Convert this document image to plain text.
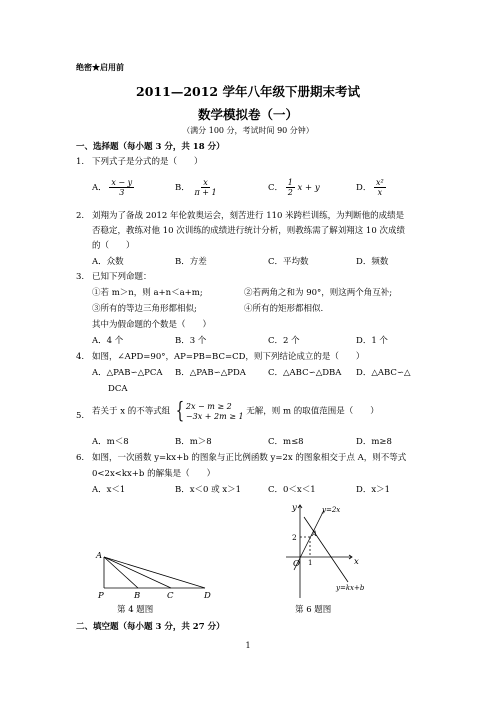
绝密★启用前
2011—2012 学年八年级下册期末考试
数学模拟卷（一）
（满分 100 分，考试时间 90 分钟）
一、选择题（每小题 3 分，共 18 分）
1. 下列式子是分式的是（　　）
A． $\frac{x - y}{3}$	B． $\frac{x}{\pi + 1}$	C． $\frac{1}{2}$ x + y	D． $\frac{\text{x²}}{x}$
2. 刘翔为了备战 2012 年伦敦奥运会，刻苦进行 110 米跨栏训练，为判断他的成绩是
否稳定，教练对他 10 次训练的成绩进行统计分析，则教练需了解刘翔这 10 次成绩
的（　　）
A．众数	B．方差	C．平均数	D．频数
3. 已知下列命题：
①若 m＞n，则 a+n＜a+m;	②若两角之和为 90°，则这两个角互补;
③所有的等边三角形都相似;	④所有的矩形都相似.
其中为假命题的个数是（　　）
A．4 个	B．3 个	C．2 个	D．1 个
4. 如图，∠APD=90°，AP=PB=BC=CD，则下列结论成立的是（　　）
A．△PAB∽△PCA B．△PAB∽△PDA	C．△ABC∽△DBA D．△ABC∽△
DCA
5. 若关于 x 的不等式组 { 2x − m ≥ 2
−3x + 2m ≥ 1 无解，则 m 的取值范围是（　　）
A．m＜8	B．m＞8	C．m≤8	D．m≥8
6. 如图，一次函数 y=kx+b 的图象与正比例函数 y=2x 的图象相交于点 A，则不等式
0<2x<kx+b 的解集是（　　）
A．x＜1	B．x＜0 或 x＞1	C．0＜x＜1	D．x＞1
A
P	B	C	D
第 4 题图
y
x
O
A
2
1
y=2x
y=kx+b
第 6 题图
二、填空题（每小题 3 分，共 27 分）
1
